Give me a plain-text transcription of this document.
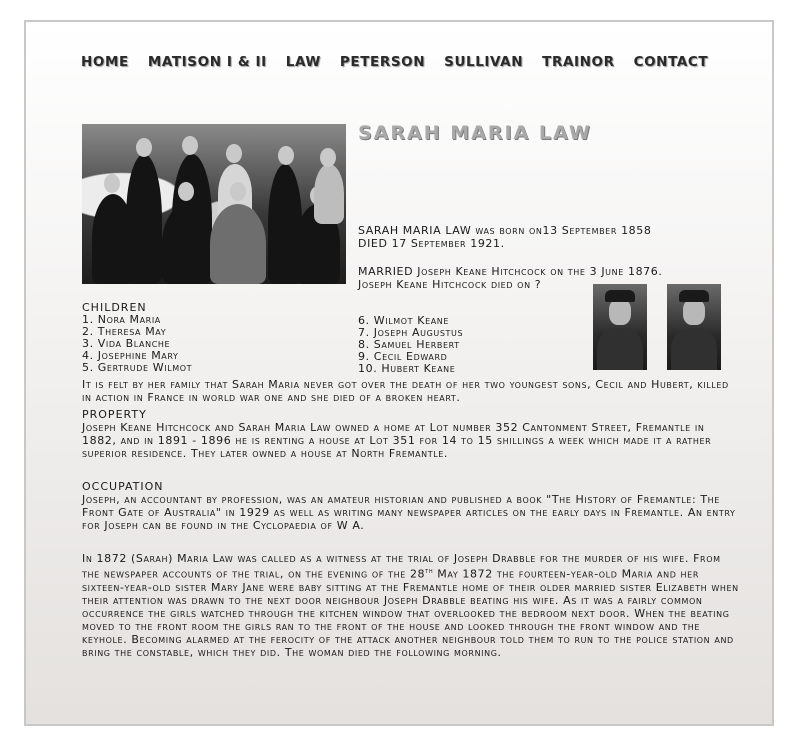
HOME MATISON I & II LAW PETERSON SULLIVAN TRAINOR CONTACT
SARAH MARIA LAW
SARAH MARIA LAW was born on13 September 1858
DIED 17 September 1921.
MARRIED Joseph Keane Hitchcock on the 3 June 1876.
Joseph Keane Hitchcock died on ?
CHILDREN
1. Nora Maria
2. Theresa May
3. Vida Blanche
4. Josephine Mary
5. Gertrude Wilmot
6. Wilmot Keane
7. Joseph Augustus
8. Samuel Herbert
9. Cecil Edward
10. Hubert Keane
It is felt by her family that Sarah Maria never got over the death of her two youngest sons, Cecil and Hubert, killed in action in France in world war one and she died of a broken heart.
PROPERTY
Joseph Keane Hitchcock and Sarah Maria Law owned a home at Lot number 352 Cantonment Street, Fremantle in 1882, and in 1891 - 1896 he is renting a house at Lot 351 for 14 to 15 shillings a week which made it a rather superior residence. They later owned a house at North Fremantle.
OCCUPATION
Joseph, an accountant by profession, was an amateur historian and published a book "The History of Fremantle: The Front Gate of Australia" in 1929 as well as writing many newspaper articles on the early days in Fremantle. An entry for Joseph can be found in the Cyclopaedia of W A.
In 1872 (Sarah) Maria Law was called as a witness at the trial of Joseph Drabble for the murder of his wife. From the newspaper accounts of the trial, on the evening of the 28th May 1872 the fourteen-year-old Maria and her sixteen-year-old sister Mary Jane were baby sitting at the Fremantle home of their older married sister Elizabeth when their attention was drawn to the next door neighbour Joseph Drabble beating his wife. As it was a fairly common occurrence the girls watched through the kitchen window that overlooked the bedroom next door. When the beating moved to the front room the girls ran to the front of the house and looked through the front window and the keyhole. Becoming alarmed at the ferocity of the attack another neighbour told them to run to the police station and bring the constable, which they did. The woman died the following morning.
